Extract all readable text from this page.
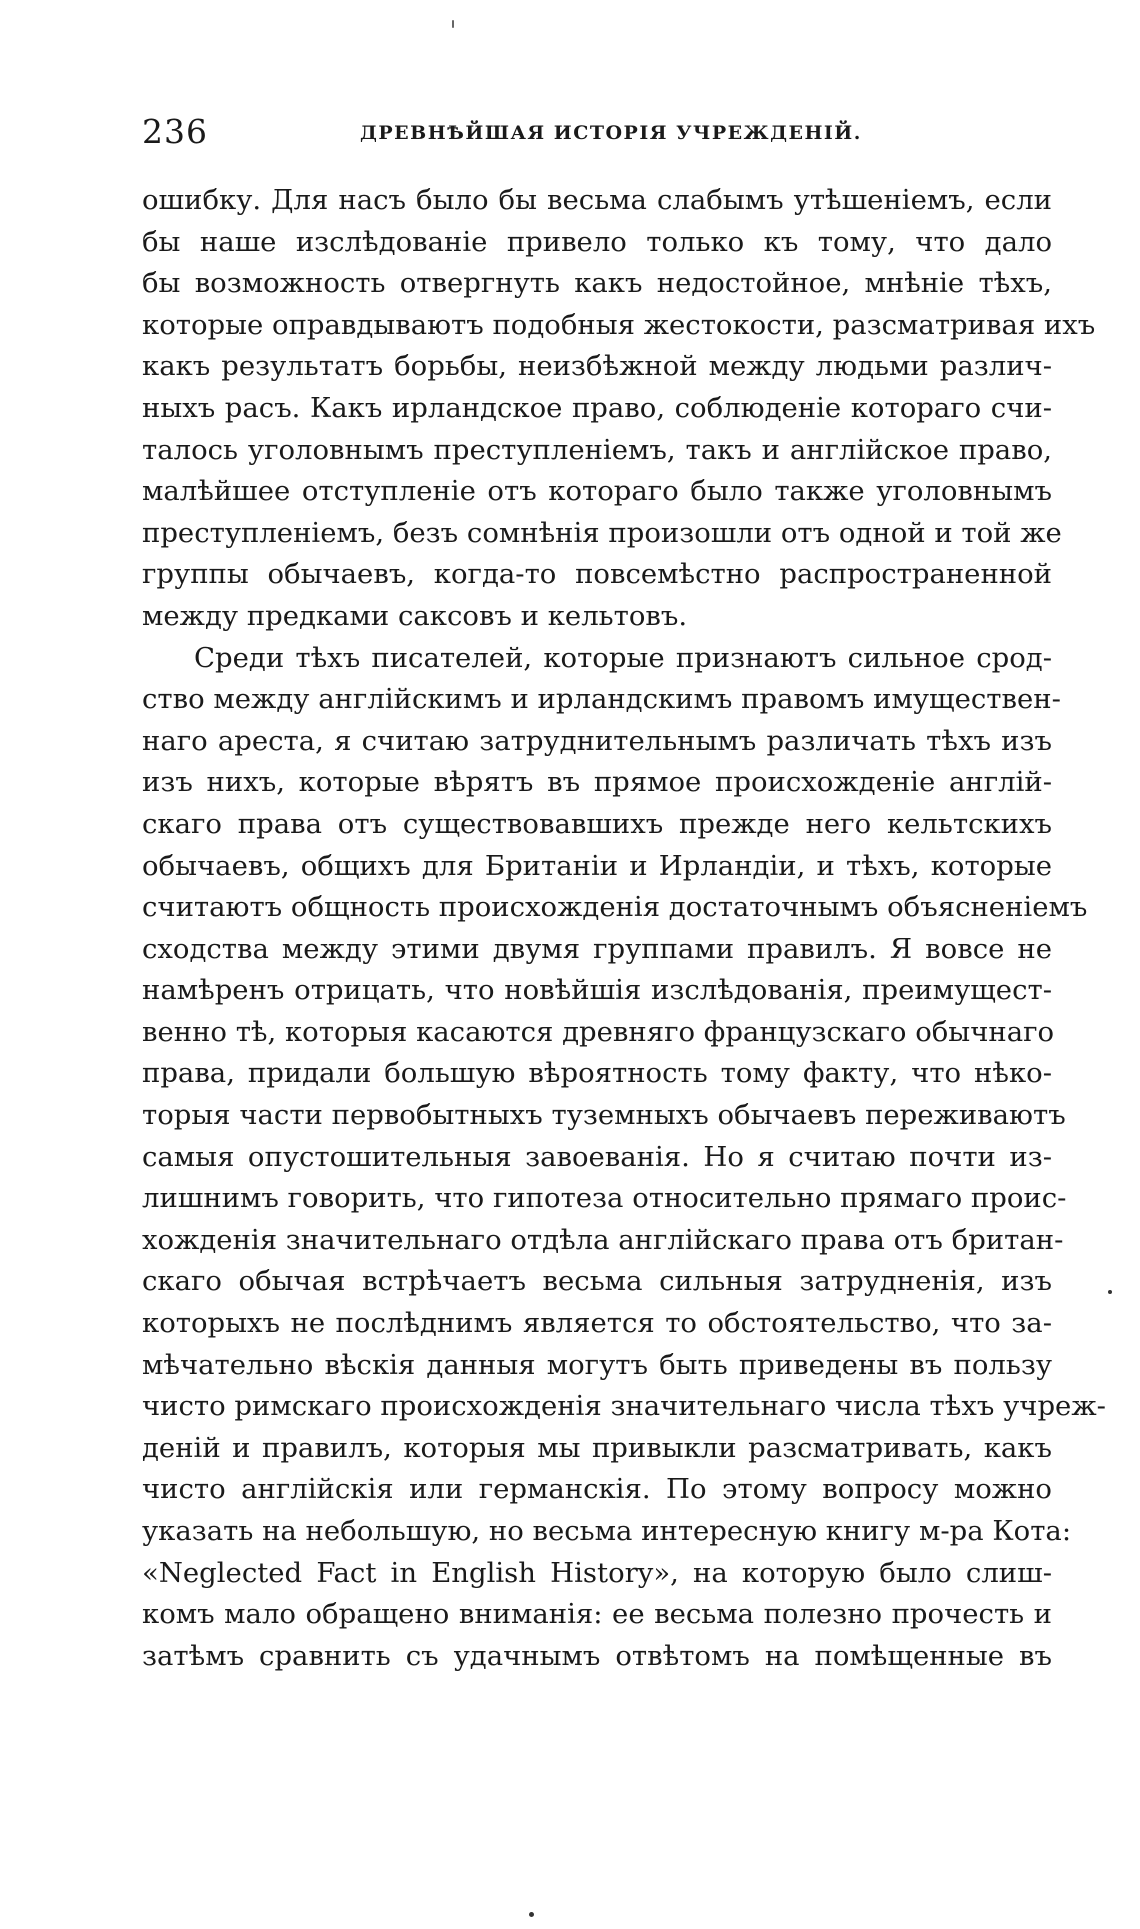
236	ДРЕВНѢЙШАЯ ИСТОРІЯ УЧРЕЖДЕНІЙ.
ошибку. Для насъ было бы весьма слабымъ утѣшеніемъ, если
бы наше изслѣдованіе привело только къ тому, что дало
бы возможность отвергнуть какъ недостойное, мнѣніе тѣхъ,
которые оправдываютъ подобныя жестокости, разсматривая ихъ
какъ результатъ борьбы, неизбѣжной между людьми различ-
ныхъ расъ. Какъ ирландское право, соблюденіе котораго счи-
талось уголовнымъ преступленіемъ, такъ и англійское право,
малѣйшее отступленіе отъ котораго было также уголовнымъ
преступленіемъ, безъ сомнѣнія произошли отъ одной и той же
группы обычаевъ, когда-то повсемѣстно распространенной
между предками саксовъ и кельтовъ.
Среди тѣхъ писателей, которые признаютъ сильное срод-
ство между англійскимъ и ирландскимъ правомъ имуществен-
наго ареста, я считаю затруднительнымъ различать тѣхъ изъ
изъ нихъ, которые вѣрятъ въ прямое происхожденіе англій-
скаго права отъ существовавшихъ прежде него кельтскихъ
обычаевъ, общихъ для Британіи и Ирландіи, и тѣхъ, которые
считаютъ общность происхожденія достаточнымъ объясненіемъ
сходства между этими двумя группами правилъ. Я вовсе не
намѣренъ отрицать, что новѣйшія изслѣдованія, преимущест-
венно тѣ, которыя касаются древняго французскаго обычнаго
права, придали большую вѣроятность тому факту, что нѣко-
торыя части первобытныхъ туземныхъ обычаевъ переживаютъ
самыя опустошительныя завоеванія. Но я считаю почти из-
лишнимъ говорить, что гипотеза относительно прямаго проис-
хожденія значительнаго отдѣла англійскаго права отъ британ-
скаго обычая встрѣчаетъ весьма сильныя затрудненія, изъ
которыхъ не послѣднимъ является то обстоятельство, что за-
мѣчательно вѣскія данныя могутъ быть приведены въ пользу
чисто римскаго происхожденія значительнаго числа тѣхъ учреж-
деній и правилъ, которыя мы привыкли разсматривать, какъ
чисто англійскія или германскія. По этому вопросу можно
указать на небольшую, но весьма интересную книгу м-ра Кота:
«Neglected Fact in English History», на которую было слиш-
комъ мало обращено вниманія: ее весьма полезно прочесть и
затѣмъ сравнить съ удачнымъ отвѣтомъ на помѣщенные въ
